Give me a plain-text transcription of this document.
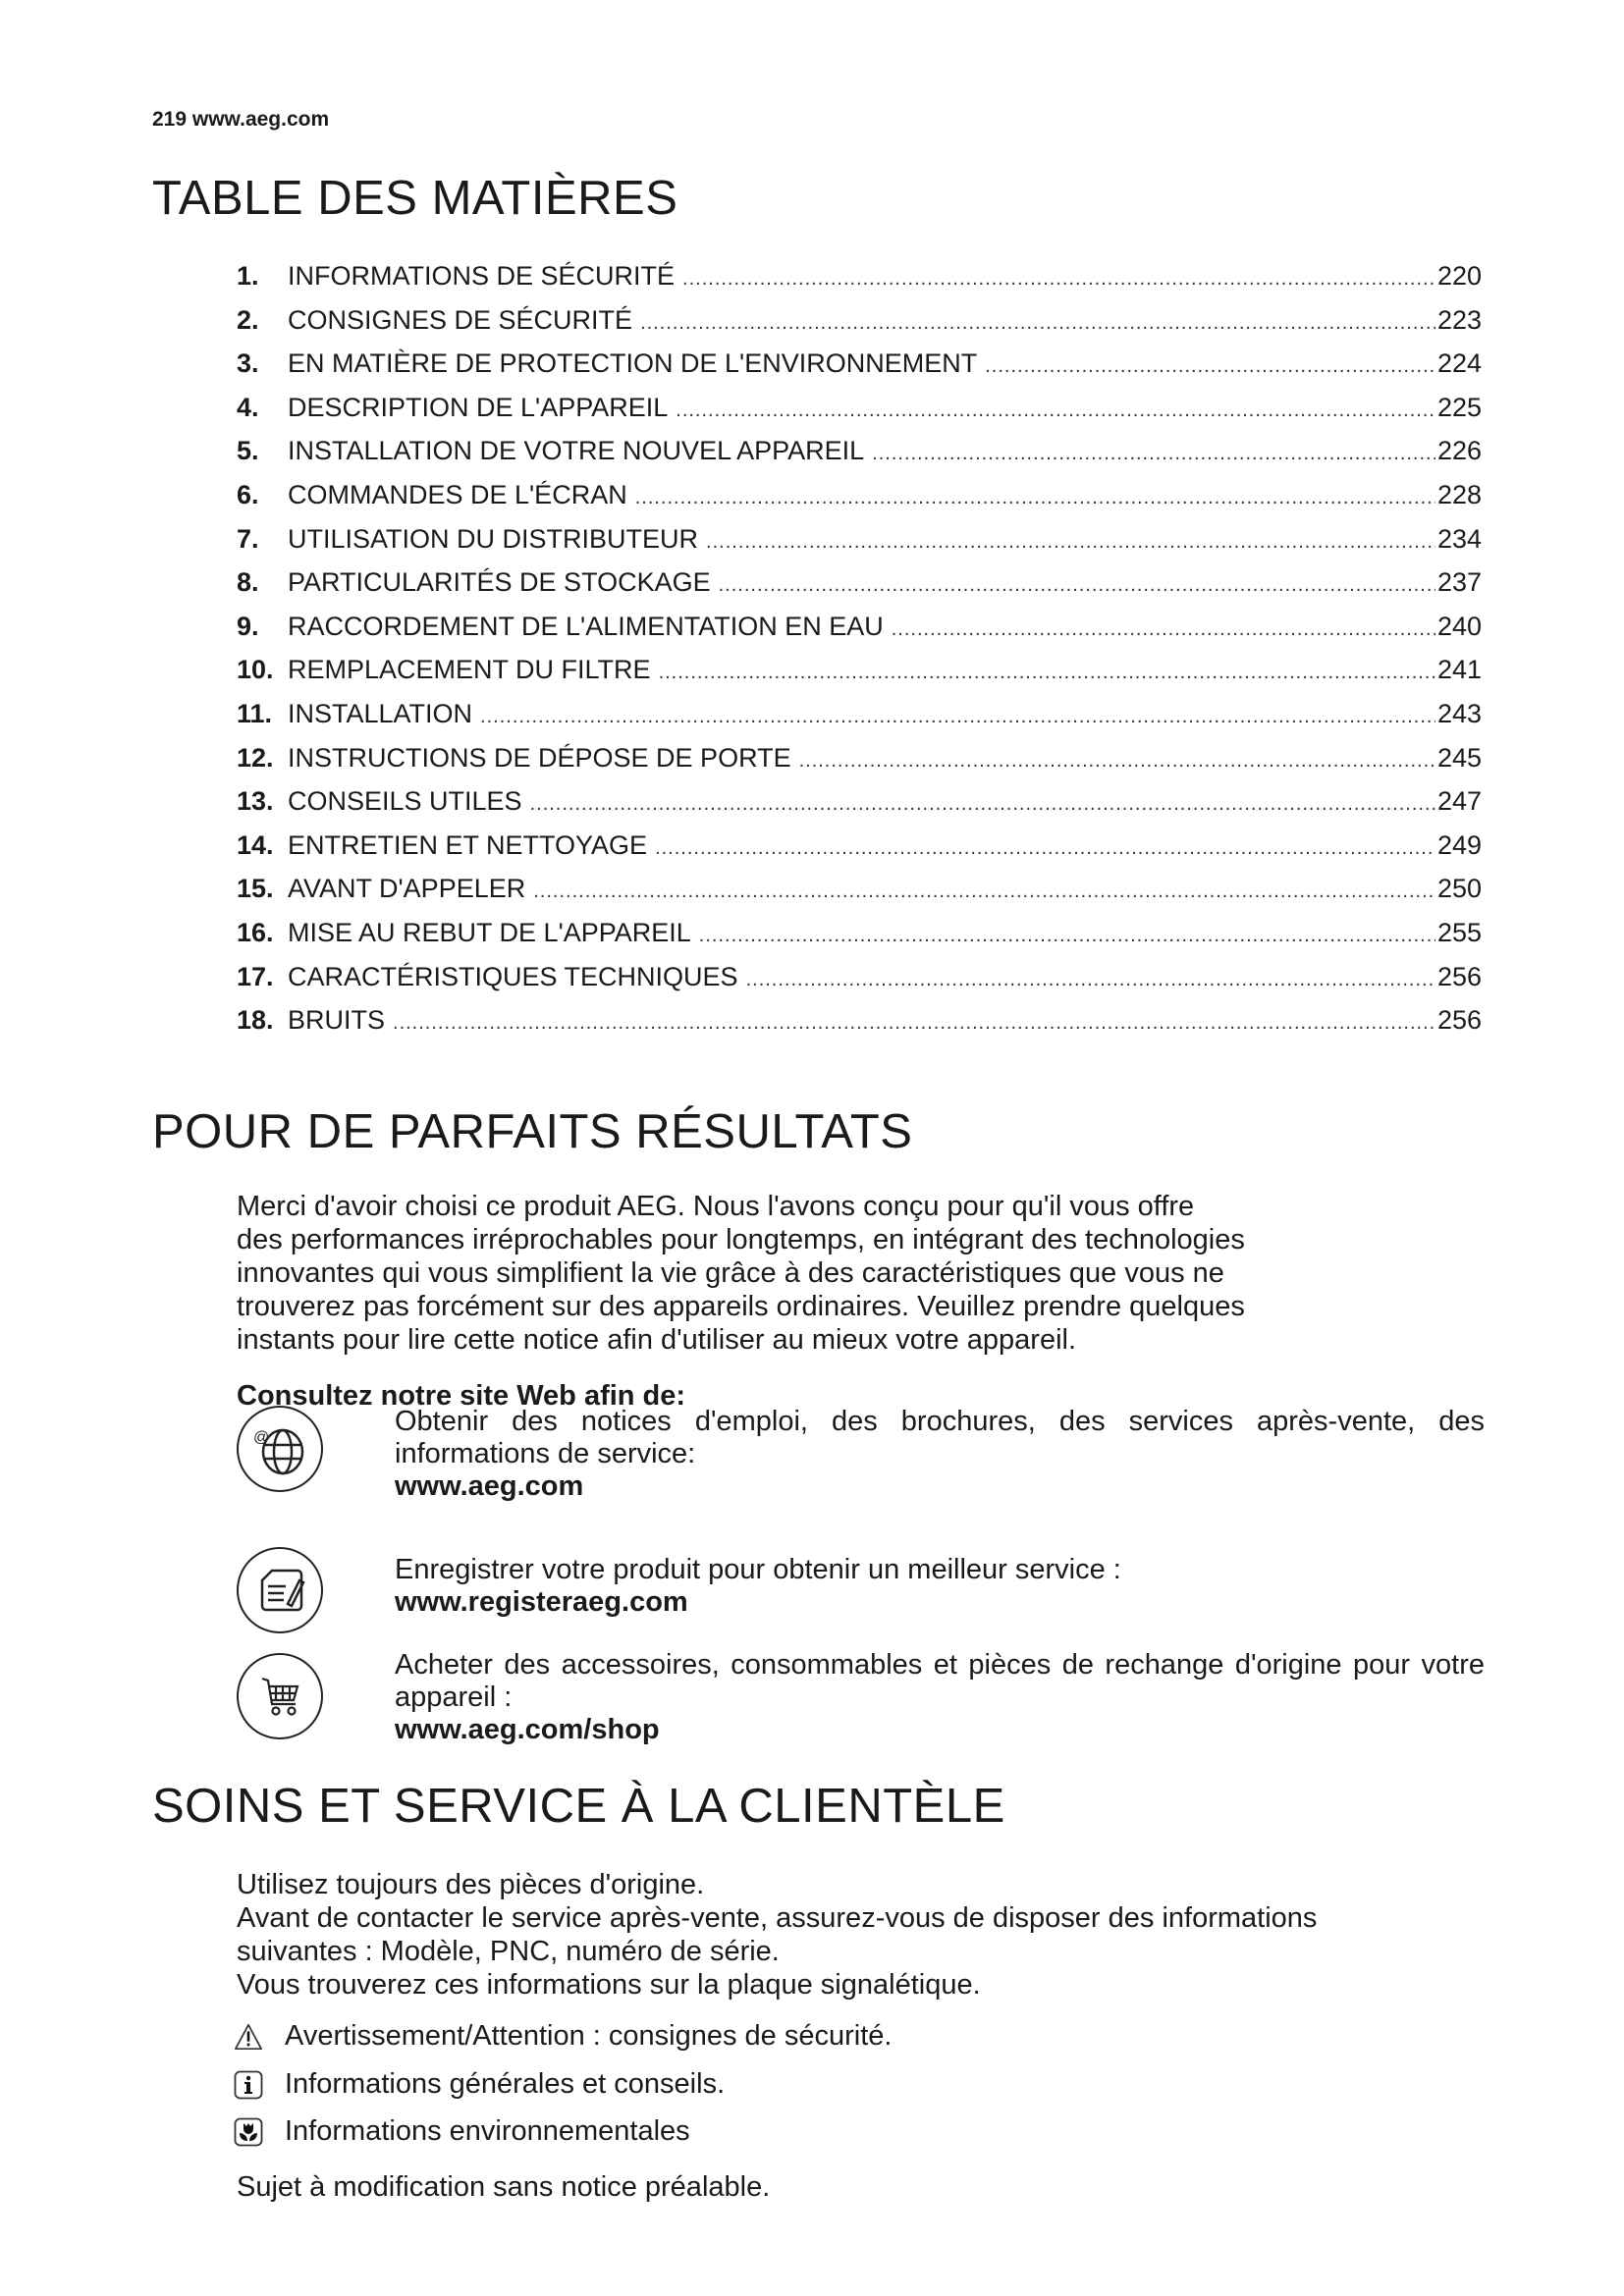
219 www.aeg.com
TABLE DES MATIÈRES
1.	INFORMATIONS DE SÉCURITÉ .....	220
2.	CONSIGNES DE SÉCURITÉ .....	223
3.	EN MATIÈRE DE PROTECTION DE L'ENVIRONNEMENT .....	224
4.	DESCRIPTION DE L'APPAREIL .....	225
5.	INSTALLATION DE VOTRE NOUVEL APPAREIL .....	226
6.	COMMANDES DE L'ÉCRAN .....	228
7.	UTILISATION DU DISTRIBUTEUR .....	234
8.	PARTICULARITÉS DE STOCKAGE .....	237
9.	RACCORDEMENT DE L'ALIMENTATION EN EAU .....	240
10. REMPLACEMENT DU FILTRE .....	241
11. INSTALLATION .....	243
12. INSTRUCTIONS DE DÉPOSE DE PORTE .....	245
13. CONSEILS UTILES .....	247
14. ENTRETIEN ET NETTOYAGE .....	249
15. AVANT D'APPELER .....	250
16. MISE AU REBUT DE L'APPAREIL .....	255
17. CARACTÉRISTIQUES TECHNIQUES .....	256
18. BRUITS .....	256
POUR DE PARFAITS RÉSULTATS

Merci d'avoir choisi ce produit AEG. Nous l'avons conçu pour qu'il vous offre

des performances irréprochables pour longtemps, en intégrant des technologies

innovantes qui vous simplifient la vie grâce à des caractéristiques que vous ne

trouverez pas forcément sur des appareils ordinaires. Veuillez prendre quelques

instants pour lire cette notice afin d'utiliser au mieux votre appareil.

Consultez notre site Web afin de:
@
Obtenir des notices d'emploi, des brochures, des services après-vente, des informations de service:
www.aeg.com
Enregistrer votre produit pour obtenir un meilleur service :
www.registeraeg.com
Acheter des accessoires, consommables et pièces de rechange d'origine pour votre appareil :
www.aeg.com/shop
SOINS ET SERVICE À LA CLIENTÈLE

Utilisez toujours des pièces d'origine.

Avant de contacter le service après-vente, assurez-vous de disposer des informations

suivantes : Modèle, PNC, numéro de série.

Vous trouverez ces informations sur la plaque signalétique.

Avertissement/Attention : consignes de sécurité.
Informations générales et conseils.
Informations environnementales
Sujet à modification sans notice préalable.
